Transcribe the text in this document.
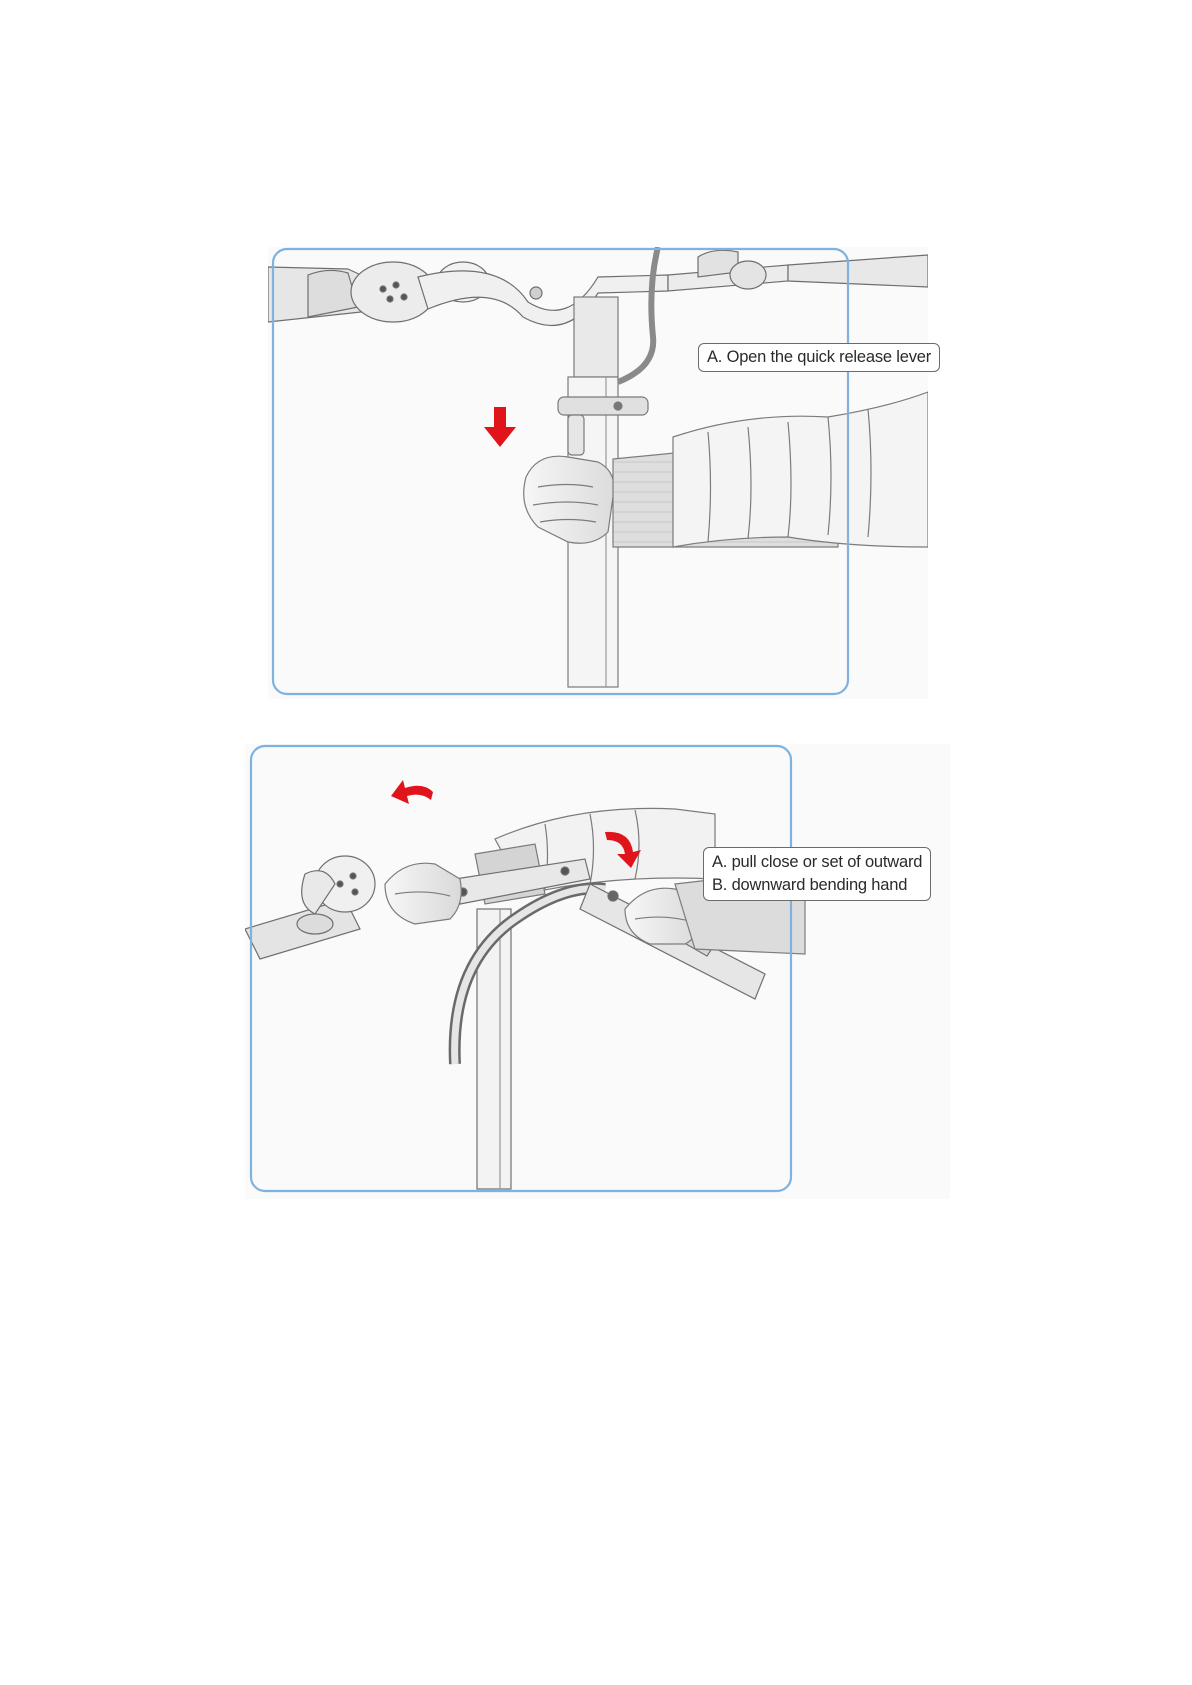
A. Open the quick release lever
A. pull close or set of outward
B. downward bending hand
